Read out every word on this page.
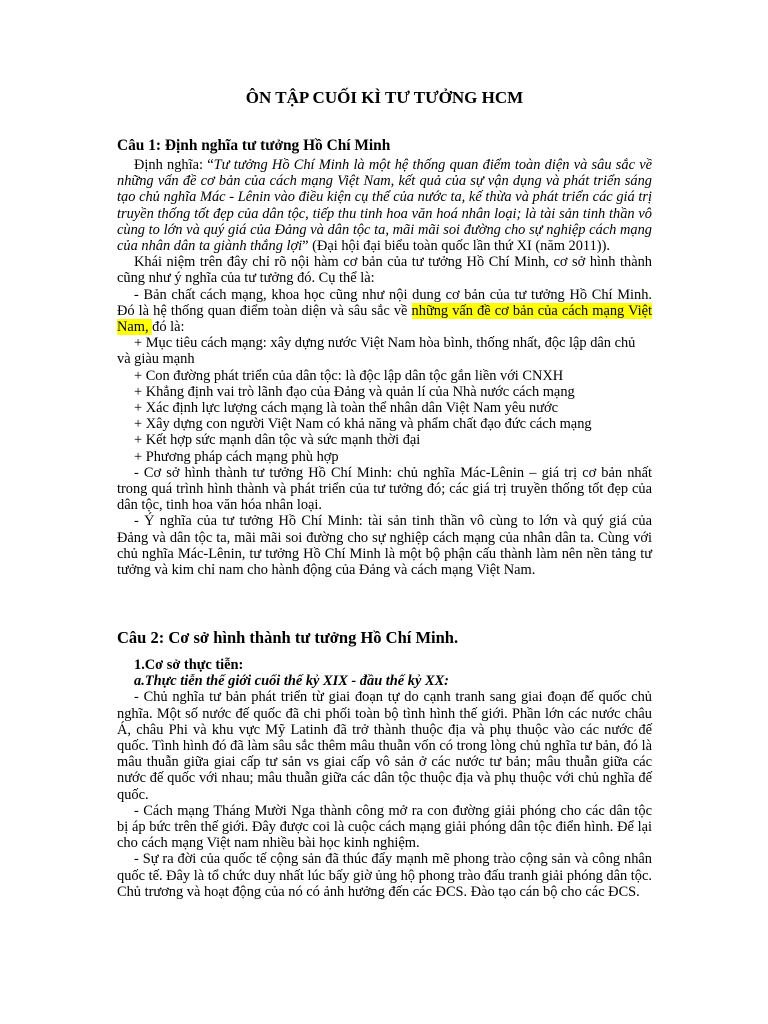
ÔN TẬP CUỐI KÌ TƯ TƯỞNG HCM
Câu 1: Định nghĩa tư tưởng Hồ Chí Minh

Định nghĩa: “Tư tưởng Hồ Chí Minh là một hệ thống quan điểm toàn diện và sâu sắc về những vấn đề cơ bản của cách mạng Việt Nam, kết quả của sự vận dụng và phát triển sáng tạo chủ nghĩa Mác - Lênin vào điều kiện cụ thể của nước ta, kế thừa và phát triển các giá trị truyền thống tốt đẹp của dân tộc, tiếp thu tinh hoa văn hoá nhân loại; là tài sản tinh thần vô cùng to lớn và quý giá của Đảng và dân tộc ta, mãi mãi soi đường cho sự nghiệp cách mạng của nhân dân ta giành thắng lợi” (Đại hội đại biểu toàn quốc lần thứ XI (năm 2011)).

Khái niệm trên đây chỉ rõ nội hàm cơ bản của tư tưởng Hồ Chí Minh, cơ sở hình thành cũng như ý nghĩa của tư tưởng đó. Cụ thể là:

- Bản chất cách mạng, khoa học cũng như nội dung cơ bản của tư tưởng Hồ Chí Minh. Đó là hệ thống quan điểm toàn diện và sâu sắc về những vấn đề cơ bản của cách mạng Việt Nam, đó là:

+ Mục tiêu cách mạng: xây dựng nước Việt Nam hòa bình, thống nhất, độc lập dân chủ và giàu mạnh

+ Con đường phát triển của dân tộc: là độc lập dân tộc gắn liền với CNXH

+ Khẳng định vai trò lãnh đạo của Đảng và quản lí của Nhà nước cách mạng

+ Xác định lực lượng cách mạng là toàn thể nhân dân Việt Nam yêu nước

+ Xây dựng con người Việt Nam có khả năng và phẩm chất đạo đức cách mạng

+ Kết hợp sức mạnh dân tộc và sức mạnh thời đại

+ Phương pháp cách mạng phù hợp

- Cơ sở hình thành tư tưởng Hồ Chí Minh: chủ nghĩa Mác-Lênin – giá trị cơ bản nhất trong quá trình hình thành và phát triển của tư tưởng đó; các giá trị truyền thống tốt đẹp của dân tộc, tinh hoa văn hóa nhân loại.

- Ý nghĩa của tư tưởng Hồ Chí Minh: tài sản tinh thần vô cùng to lớn và quý giá của Đảng và dân tộc ta, mãi mãi soi đường cho sự nghiệp cách mạng của nhân dân ta. Cùng với chủ nghĩa Mác-Lênin, tư tưởng Hồ Chí Minh là một bộ phận cấu thành làm nên nền tảng tư tưởng và kim chỉ nam cho hành động của Đảng và cách mạng Việt Nam.

Câu 2: Cơ sở hình thành tư tưởng Hồ Chí Minh.

1.Cơ sở thực tiễn:

a.Thực tiễn thế giới cuối thế kỷ XIX - đầu thế kỷ XX:

- Chủ nghĩa tư bản phát triển từ giai đoạn tự do cạnh tranh sang giai đoạn đế quốc chủ nghĩa. Một số nước đế quốc đã chi phối toàn bộ tình hình thế giới. Phần lớn các nước châu Á, châu Phi và khu vực Mỹ Latinh đã trở thành thuộc địa và phụ thuộc vào các nước đế quốc. Tình hình đó đã làm sâu sắc thêm mâu thuẫn vốn có trong lòng chủ nghĩa tư bản, đó là mâu thuẫn giữa giai cấp tư sản vs giai cấp vô sản ở các nước tư bản; mâu thuẫn giữa các nước đế quốc với nhau; mâu thuẫn giữa các dân tộc thuộc địa và phụ thuộc với chủ nghĩa đế quốc.

- Cách mạng Tháng Mười Nga thành công mở ra con đường giải phóng cho các dân tộc bị áp bức trên thế giới. Đây được coi là cuộc cách mạng giải phóng dân tộc điển hình. Để lại cho cách mạng Việt nam nhiều bài học kinh nghiệm.

- Sự ra đời của quốc tế cộng sản đã thúc đẩy mạnh mẽ phong trào cộng sản và công nhân quốc tế. Đây là tổ chức duy nhất lúc bấy giờ ủng hộ phong trào đấu tranh giải phóng dân tộc. Chủ trương và hoạt động của nó có ảnh hưởng đến các ĐCS. Đào tạo cán bộ cho các ĐCS.
